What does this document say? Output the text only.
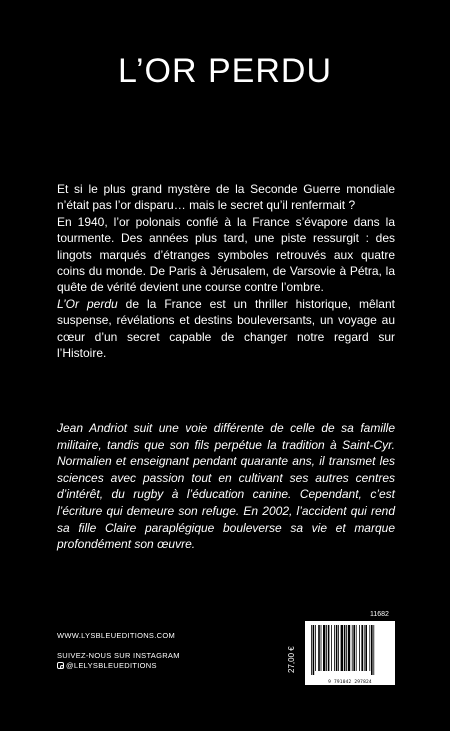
L’OR PERDU

Et si le plus grand mystère de la Seconde Guerre mondiale n’était pas l’or disparu… mais le secret qu’il renfermait ?

En 1940, l’or polonais confié à la France s’évapore dans la tourmente. Des années plus tard, une piste ressurgit : des lingots marqués d’étranges symboles retrouvés aux quatre coins du monde. De Paris à Jérusalem, de Varsovie à Pétra, la quête de vérité devient une course contre l’ombre.

L’Or perdu de la France est un thriller historique, mêlant suspense, révélations et destins bouleversants, un voyage au cœur d’un secret capable de changer notre regard sur l’Histoire.

Jean Andriot suit une voie différente de celle de sa famille militaire, tandis que son fils perpétue la tradition à Saint-Cyr. Normalien et enseignant pendant quarante ans, il transmet les sciences avec passion tout en cultivant ses autres centres d’intérêt, du rugby à l’éducation canine. Cependant, c’est l’écriture qui demeure son refuge. En 2002, l’accident qui rend sa fille Claire paraplégique bouleverse sa vie et marque profondément son œuvre.

11682
WWW.LYSBLEUEDITIONS.COM
SUIVEZ-NOUS SUR INSTAGRAM
@LELYSBLEUEDITIONS	27,00 €
9 791042 297824
